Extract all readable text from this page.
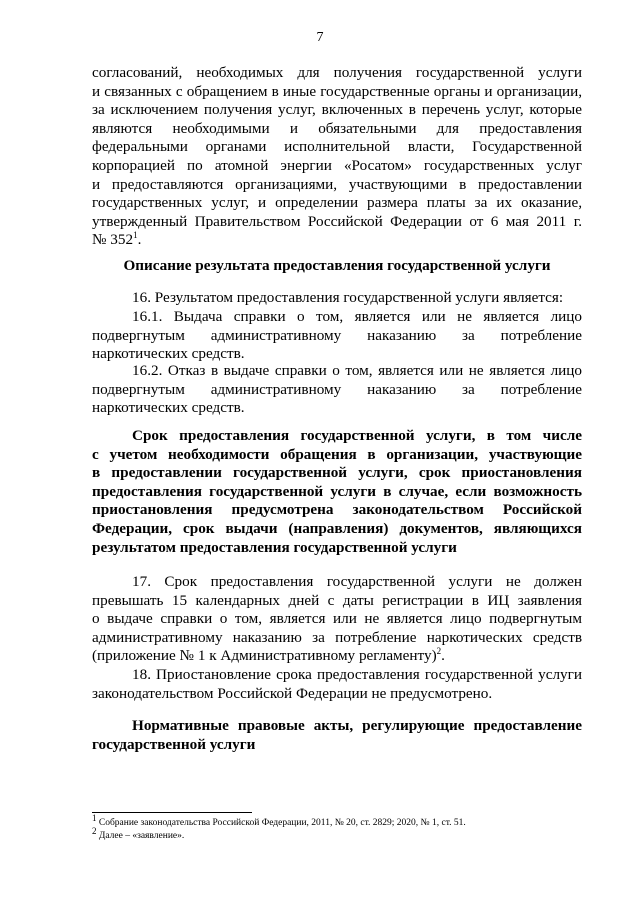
7
согласований, необходимых для получения государственной услуги
и связанных с обращением в иные государственные органы и организации,
за исключением получения услуг, включенных в перечень услуг, которые
являются необходимыми и обязательными для предоставления
федеральными органами исполнительной власти, Государственной
корпорацией по атомной энергии «Росатом» государственных услуг
и предоставляются организациями, участвующими в предоставлении
государственных услуг, и определении размера платы за их оказание,
утвержденный Правительством Российской Федерации от 6 мая 2011 г.
№ $352^1$.
Описание результата предоставления государственной услуги
16. Результатом предоставления государственной услуги является:
16.1. Выдача справки о том, является или не является лицо
подвергнутым административному наказанию за потребление
наркотических средств.
16.2. Отказ в выдаче справки о том, является или не является лицо
подвергнутым административному наказанию за потребление
наркотических средств.
Срок предоставления государственной услуги, в том числе
с учетом необходимости обращения в организации, участвующие
в предоставлении государственной услуги, срок приостановления
предоставления государственной услуги в случае, если возможность
приостановления предусмотрена законодательством Российской
Федерации, срок выдачи (направления) документов, являющихся
результатом предоставления государственной услуги
17. Срок предоставления государственной услуги не должен
превышать 15 календарных дней с даты регистрации в ИЦ заявления
о выдаче справки о том, является или не является лицо подвергнутым
административному наказанию за потребление наркотических средств
(приложение № 1 к Административному регламенту)$^2$.
18. Приостановление срока предоставления государственной услуги
законодательством Российской Федерации не предусмотрено.
Нормативные правовые акты, регулирующие предоставление
государственной услуги
$^1$ Собрание законодательства Российской Федерации, 2011, № 20, ст. 2829; 2020, № 1, ст. 51.
$^2$ Далее – «заявление».
